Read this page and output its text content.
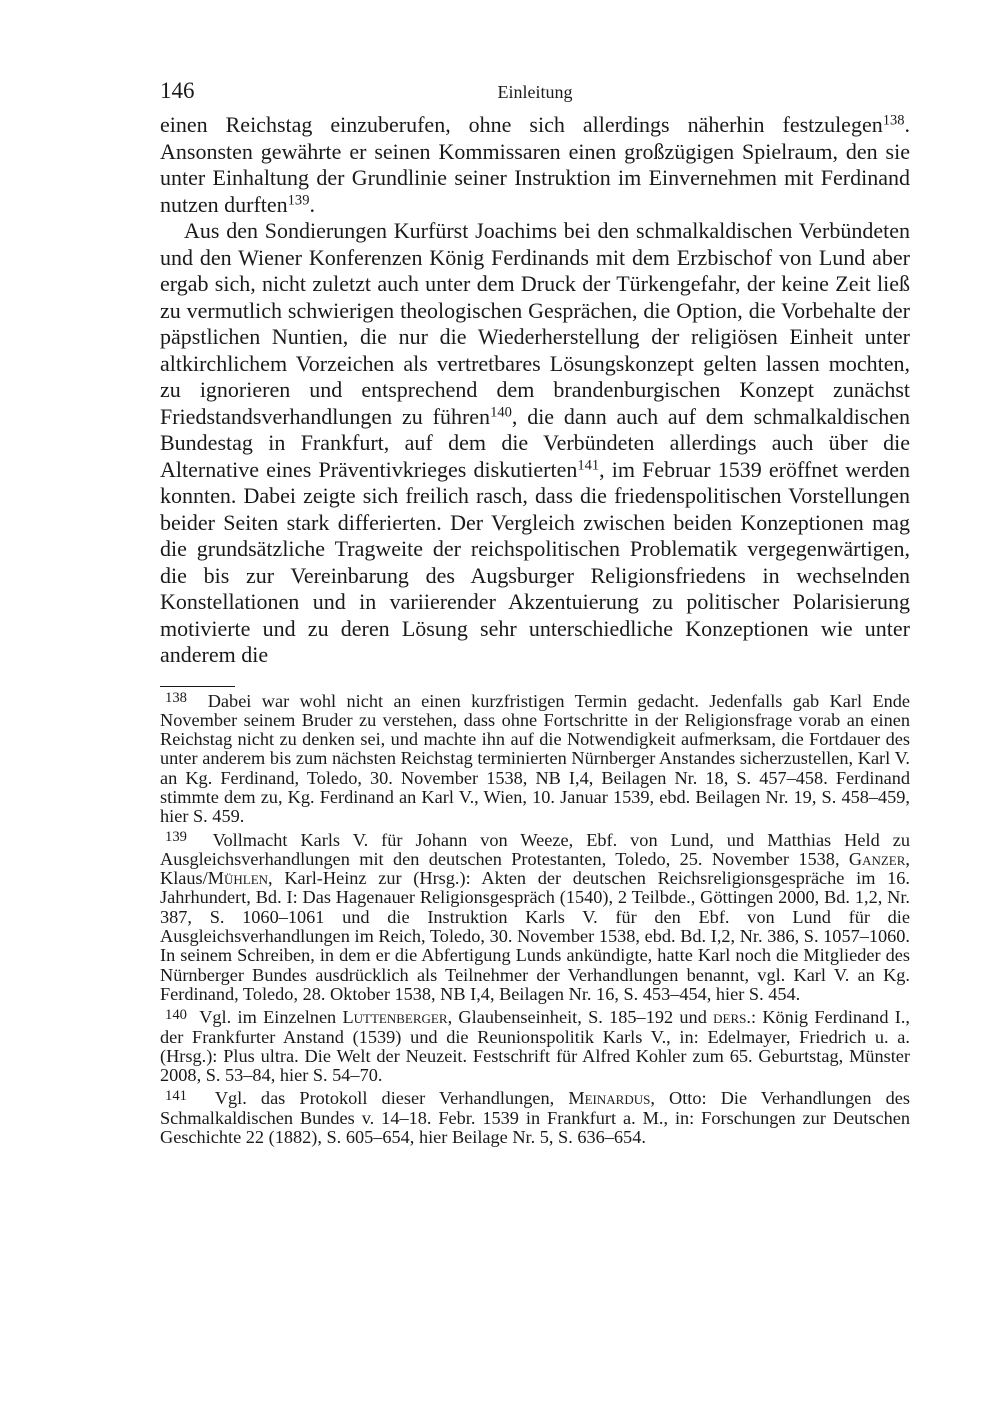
146	Einleitung

einen Reichstag einzuberufen, ohne sich allerdings näherhin festzulegen$^{138}$. Ansonsten gewährte er seinen Kommissaren einen großzügigen Spielraum, den sie unter Einhaltung der Grundlinie seiner Instruktion im Einvernehmen mit Ferdinand nutzen durften$^{139}$.

Aus den Sondierungen Kurfürst Joachims bei den schmalkaldischen Verbündeten und den Wiener Konferenzen König Ferdinands mit dem Erzbischof von Lund aber ergab sich, nicht zuletzt auch unter dem Druck der Türkengefahr, der keine Zeit ließ zu vermutlich schwierigen theologischen Gesprächen, die Option, die Vorbehalte der päpstlichen Nuntien, die nur die Wiederherstellung der religiösen Einheit unter altkirchlichem Vorzeichen als vertretbares Lösungskonzept gelten lassen mochten, zu ignorieren und entsprechend dem brandenburgischen Konzept zunächst Friedstandsverhandlungen zu führen$^{140}$, die dann auch auf dem schmalkaldischen Bundestag in Frankfurt, auf dem die Verbündeten allerdings auch über die Alternative eines Präventivkrieges diskutierten$^{141}$, im Februar 1539 eröffnet werden konnten. Dabei zeigte sich freilich rasch, dass die friedenspolitischen Vorstellungen beider Seiten stark differierten. Der Vergleich zwischen beiden Konzeptionen mag die grundsätzliche Tragweite der reichspolitischen Problematik vergegenwärtigen, die bis zur Vereinbarung des Augsburger Religionsfriedens in wechselnden Konstellationen und in variierender Akzentuierung zu politischer Polarisierung motivierte und zu deren Lösung sehr unterschiedliche Konzeptionen wie unter anderem die

$^{138}$ Dabei war wohl nicht an einen kurzfristigen Termin gedacht. Jedenfalls gab Karl Ende November seinem Bruder zu verstehen, dass ohne Fortschritte in der Religionsfrage vorab an einen Reichstag nicht zu denken sei, und machte ihn auf die Notwendigkeit aufmerksam, die Fortdauer des unter anderem bis zum nächsten Reichstag terminierten Nürnberger Anstandes sicherzustellen, Karl V. an Kg. Ferdinand, Toledo, 30. November 1538, NB I,4, Beilagen Nr. 18, S. 457–458. Ferdinand stimmte dem zu, Kg. Ferdinand an Karl V., Wien, 10. Januar 1539, ebd. Beilagen Nr. 19, S. 458–459, hier S. 459.

$^{139}$ Vollmacht Karls V. für Johann von Weeze, Ebf. von Lund, und Matthias Held zu Ausgleichsverhandlungen mit den deutschen Protestanten, Toledo, 25. November 1538, Ganzer, Klaus/Mühlen, Karl-Heinz zur (Hrsg.): Akten der deutschen Reichsreligionsgespräche im 16. Jahrhundert, Bd. I: Das Hagenauer Religionsgespräch (1540), 2 Teilbde., Göttingen 2000, Bd. 1,2, Nr. 387, S. 1060–1061 und die Instruktion Karls V. für den Ebf. von Lund für die Ausgleichsverhandlungen im Reich, Toledo, 30. November 1538, ebd. Bd. I,2, Nr. 386, S. 1057–1060. In seinem Schreiben, in dem er die Abfertigung Lunds ankündigte, hatte Karl noch die Mitglieder des Nürnberger Bundes ausdrücklich als Teilnehmer der Verhandlungen benannt, vgl. Karl V. an Kg. Ferdinand, Toledo, 28. Oktober 1538, NB I,4, Beilagen Nr. 16, S. 453–454, hier S. 454.

$^{140}$ Vgl. im Einzelnen Luttenberger, Glaubenseinheit, S. 185–192 und ders.: König Ferdinand I., der Frankfurter Anstand (1539) und die Reunionspolitik Karls V., in: Edelmayer, Friedrich u. a. (Hrsg.): Plus ultra. Die Welt der Neuzeit. Festschrift für Alfred Kohler zum 65. Geburtstag, Münster 2008, S. 53–84, hier S. 54–70.

$^{141}$ Vgl. das Protokoll dieser Verhandlungen, Meinardus, Otto: Die Verhandlungen des Schmalkaldischen Bundes v. 14–18. Febr. 1539 in Frankfurt a. M., in: Forschungen zur Deutschen Geschichte 22 (1882), S. 605–654, hier Beilage Nr. 5, S. 636–654.
